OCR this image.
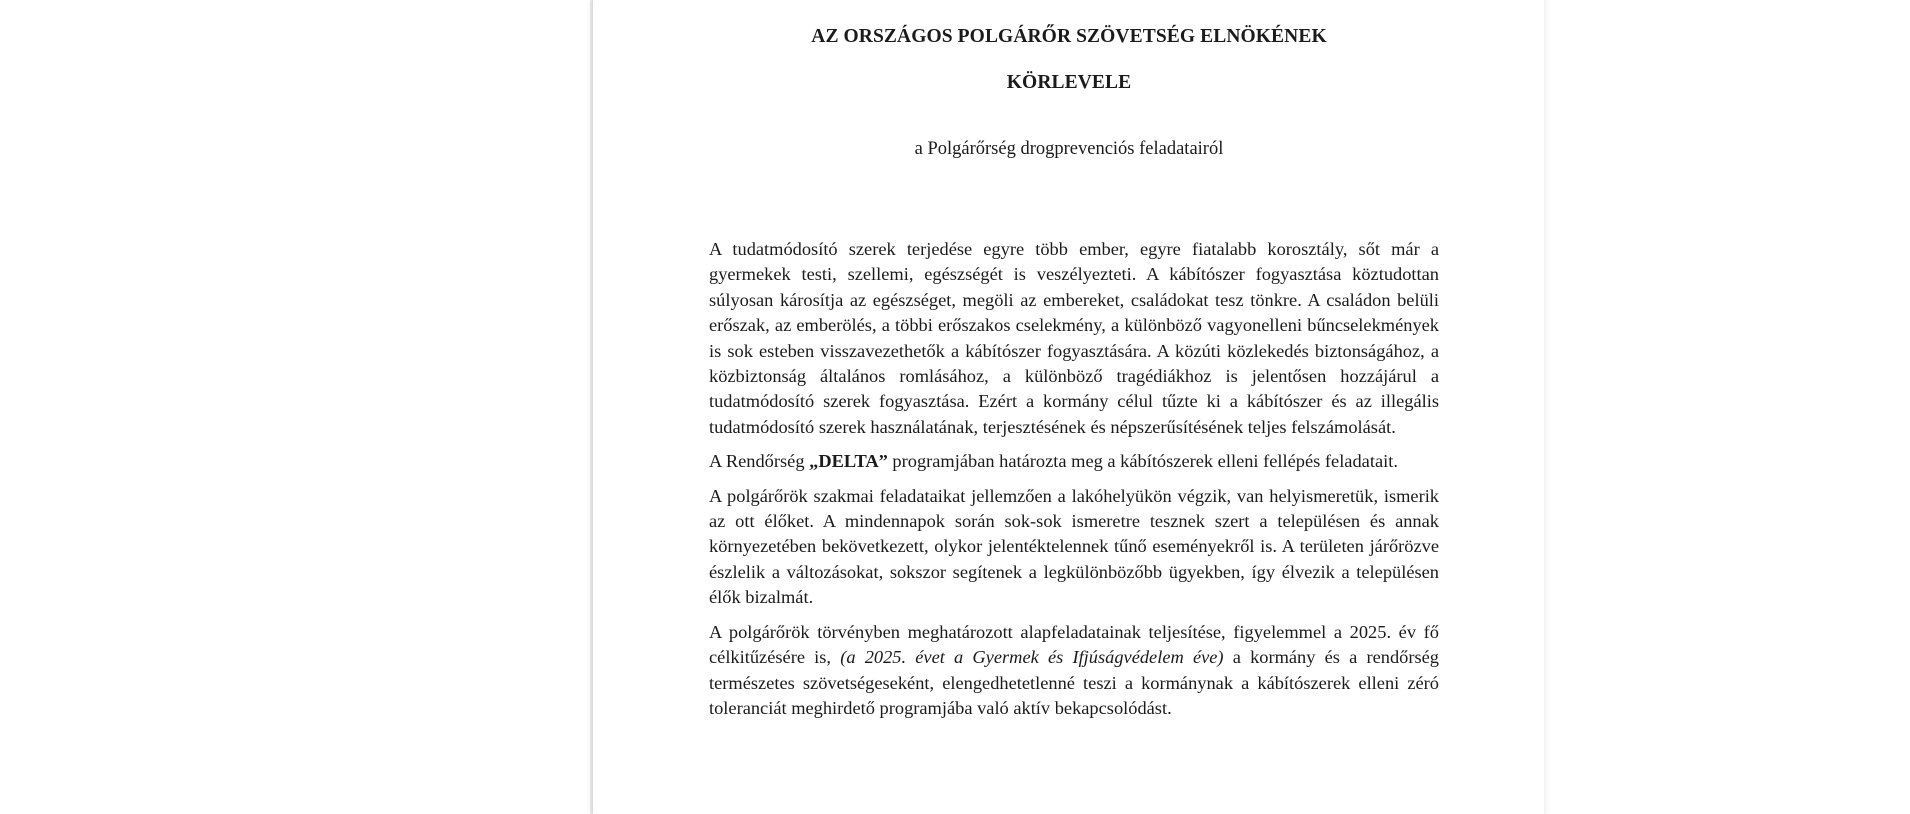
AZ ORSZÁGOS POLGÁRŐR SZÖVETSÉG ELNÖKÉNEK
KÖRLEVELE
a Polgárőrség drogprevenciós feladatairól

A tudatmódosító szerek terjedése egyre több ember, egyre fiatalabb korosztály, sőt már a gyermekek testi, szellemi, egészségét is veszélyezteti. A kábítószer fogyasztása köztudottan súlyosan károsítja az egészséget, megöli az embereket, családokat tesz tönkre. A családon belüli erőszak, az emberölés, a többi erőszakos cselekmény, a különböző vagyonelleni bűncselekmények is sok esteben visszavezethetők a kábítószer fogyasztására. A közúti közlekedés biztonságához, a közbiztonság általános romlásához, a különböző tragédiákhoz is jelentősen hozzájárul a tudatmódosító szerek fogyasztása. Ezért a kormány célul tűzte ki a kábítószer és az illegális tudatmódosító szerek használatának, terjesztésének és népszerűsítésének teljes felszámolását.

A Rendőrség „DELTA” programjában határozta meg a kábítószerek elleni fellépés feladatait.

A polgárőrök szakmai feladataikat jellemzően a lakóhelyükön végzik, van helyismeretük, ismerik az ott élőket. A mindennapok során sok-sok ismeretre tesznek szert a településen és annak környezetében bekövetkezett, olykor jelentéktelennek tűnő eseményekről is. A területen járőrözve észlelik a változásokat, sokszor segítenek a legkülönbözőbb ügyekben, így élvezik a településen élők bizalmát.

A polgárőrök törvényben meghatározott alapfeladatainak teljesítése, figyelemmel a 2025. év fő célkitűzésére is, (a 2025. évet a Gyermek és Ifjúságvédelem éve) a kormány és a rendőrség természetes szövetségeseként, elengedhetetlenné teszi a kormánynak a kábítószerek elleni zéró toleranciát meghirdető programjába való aktív bekapcsolódást.
